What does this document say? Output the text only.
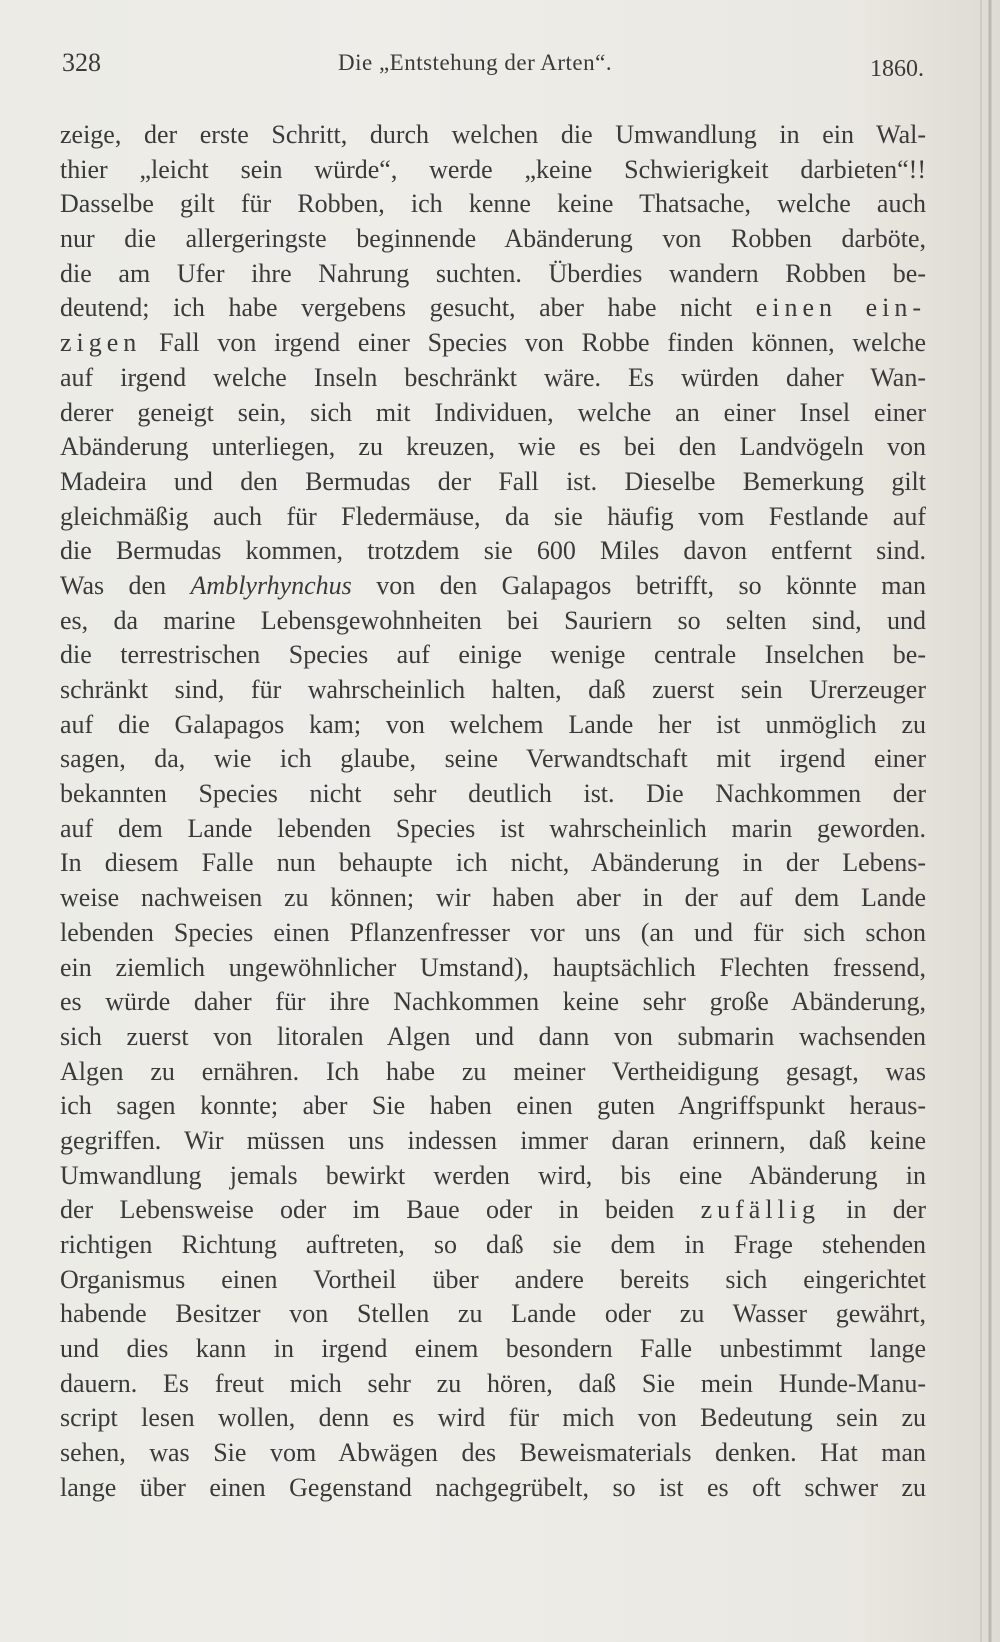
328	Die „Entstehung der Arten“.	1860.
zeige, der erste Schritt, durch welchen die Umwandlung in ein Wal-
thier „leicht sein würde“, werde „keine Schwierigkeit darbieten“!!
Dasselbe gilt für Robben, ich kenne keine Thatsache, welche auch
nur die allergeringste beginnende Abänderung von Robben darböte,
die am Ufer ihre Nahrung suchten. Überdies wandern Robben be-
deutend; ich habe vergebens gesucht, aber habe nicht einen ein-
zigen Fall von irgend einer Species von Robbe finden können, welche
auf irgend welche Inseln beschränkt wäre. Es würden daher Wan-
derer geneigt sein, sich mit Individuen, welche an einer Insel einer
Abänderung unterliegen, zu kreuzen, wie es bei den Landvögeln von
Madeira und den Bermudas der Fall ist. Dieselbe Bemerkung gilt
gleichmäßig auch für Fledermäuse, da sie häufig vom Festlande auf
die Bermudas kommen, trotzdem sie 600 Miles davon entfernt sind.
Was den Amblyrhynchus von den Galapagos betrifft, so könnte man
es, da marine Lebensgewohnheiten bei Sauriern so selten sind, und
die terrestrischen Species auf einige wenige centrale Inselchen be-
schränkt sind, für wahrscheinlich halten, daß zuerst sein Urerzeuger
auf die Galapagos kam; von welchem Lande her ist unmöglich zu
sagen, da, wie ich glaube, seine Verwandtschaft mit irgend einer
bekannten Species nicht sehr deutlich ist. Die Nachkommen der
auf dem Lande lebenden Species ist wahrscheinlich marin geworden.
In diesem Falle nun behaupte ich nicht, Abänderung in der Lebens-
weise nachweisen zu können; wir haben aber in der auf dem Lande
lebenden Species einen Pflanzenfresser vor uns (an und für sich schon
ein ziemlich ungewöhnlicher Umstand), hauptsächlich Flechten fressend,
es würde daher für ihre Nachkommen keine sehr große Abänderung,
sich zuerst von litoralen Algen und dann von submarin wachsenden
Algen zu ernähren. Ich habe zu meiner Vertheidigung gesagt, was
ich sagen konnte; aber Sie haben einen guten Angriffspunkt heraus-
gegriffen. Wir müssen uns indessen immer daran erinnern, daß keine
Umwandlung jemals bewirkt werden wird, bis eine Abänderung in
der Lebensweise oder im Baue oder in beiden zufällig in der
richtigen Richtung auftreten, so daß sie dem in Frage stehenden
Organismus einen Vortheil über andere bereits sich eingerichtet
habende Besitzer von Stellen zu Lande oder zu Wasser gewährt,
und dies kann in irgend einem besondern Falle unbestimmt lange
dauern. Es freut mich sehr zu hören, daß Sie mein Hunde-Manu-
script lesen wollen, denn es wird für mich von Bedeutung sein zu
sehen, was Sie vom Abwägen des Beweismaterials denken. Hat man
lange über einen Gegenstand nachgegrübelt, so ist es oft schwer zu
